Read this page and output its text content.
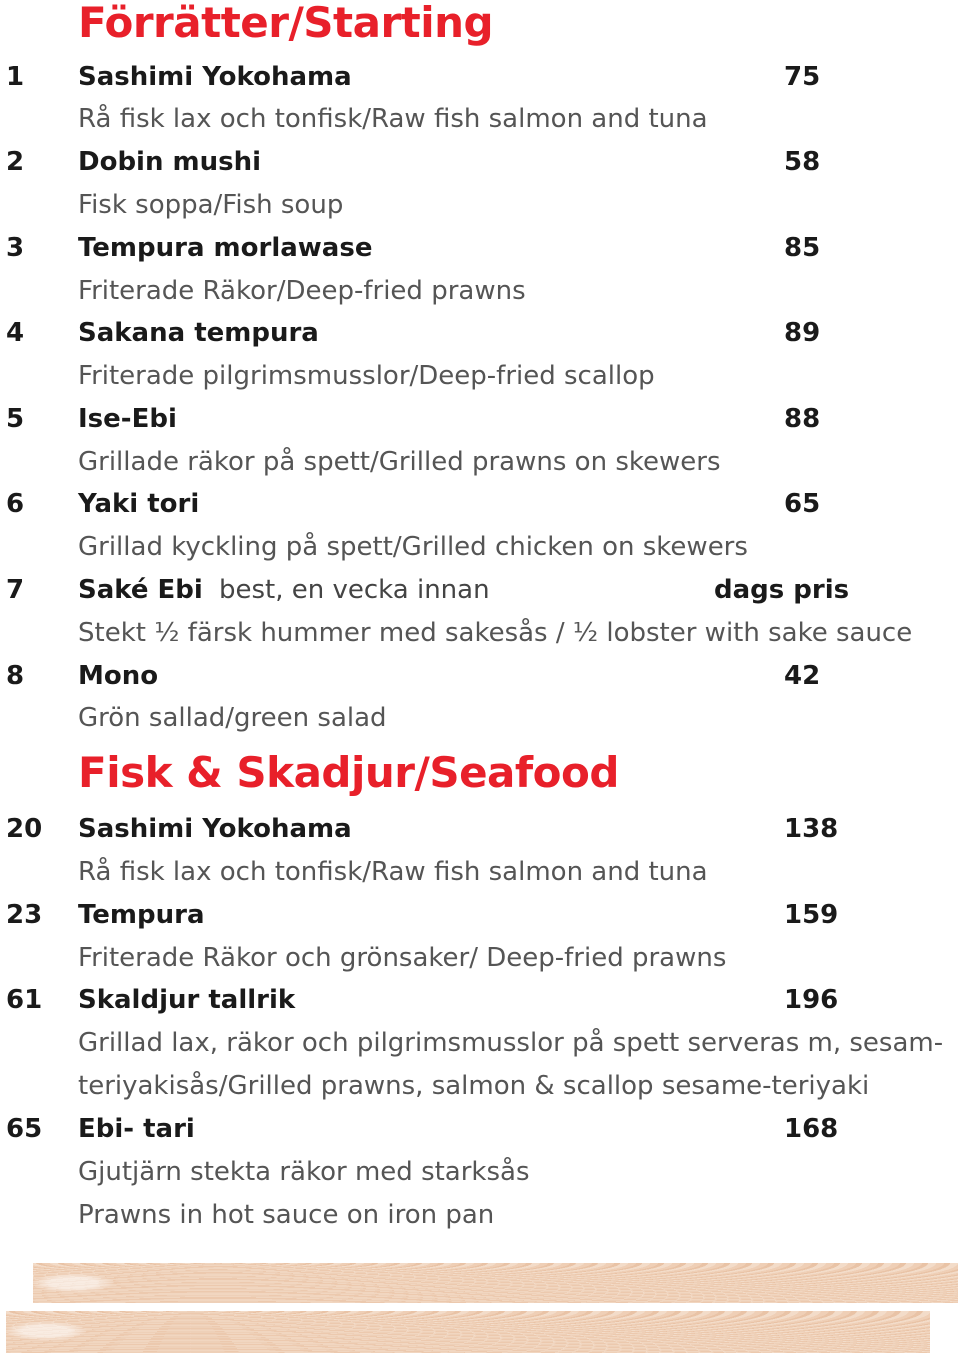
Förrätter/Starting
1 Sashimi Yokohama	75
Rå fisk lax och tonfisk/Raw fish salmon and tuna
2 Dobin mushi	58
Fisk soppa/Fish soup
3 Tempura morlawase	85
Friterade Räkor/Deep-fried prawns
4 Sakana tempura	89
Friterade pilgrimsmusslor/Deep-fried scallop
5 Ise-Ebi	88
Grillade räkor på spett/Grilled prawns on skewers
6 Yaki tori	65
Grillad kyckling på spett/Grilled chicken on skewers
7 Saké Ebi best, en vecka innan	dags pris
Stekt ½ färsk hummer med sakesås / ½ lobster with sake sauce
8 Mono	42
Grön sallad/green salad
Fisk & Skadjur/Seafood
20 Sashimi Yokohama	138
Rå fisk lax och tonfisk/Raw fish salmon and tuna
23 Tempura	159
Friterade Räkor och grönsaker/ Deep-fried prawns
61 Skaldjur tallrik	196
Grillad lax, räkor och pilgrimsmusslor på spett serveras m, sesam-
teriyakisås/Grilled prawns, salmon & scallop sesame-teriyaki
65 Ebi- tari	168
Gjutjärn stekta räkor med starksås
Prawns in hot sauce on iron pan
